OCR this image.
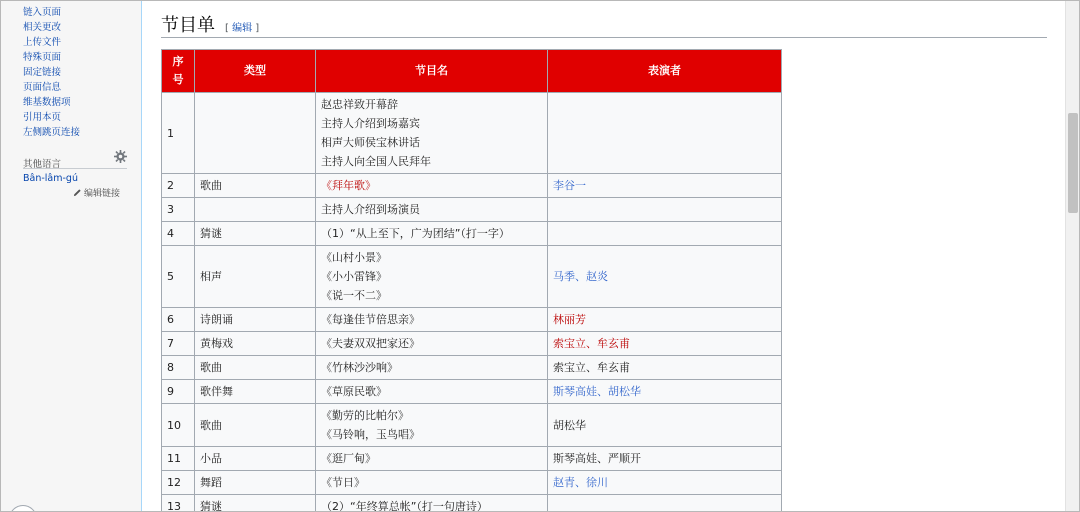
链入页面
相关更改
上传文件
特殊页面
固定链接
页面信息
维基数据项
引用本页
左侧跳页连接
其他语言
Bân-lâm-gú
编辑链接
节目单 [ 编辑 ]
序号	类型	节目名	表演者
1		赵忠祥致开幕辞
主持人介绍到场嘉宾
相声大师侯宝林讲话
主持人向全国人民拜年	

2	歌曲	《拜年歌》	李谷一
3		主持人介绍到场演员	

4	猜谜	（1）“从上至下，广为团结”（打一字）	

5	相声	《山村小景》
《小小雷锋》
《说一不二》	马季、赵炎
6	诗朗诵	《每逢佳节倍思亲》	林丽芳
7	黄梅戏	《夫妻双双把家还》	索宝立、牟玄甫
8	歌曲	《竹林沙沙响》	索宝立、牟玄甫
9	歌伴舞	《草原民歌》	斯琴高娃、胡松华
10	歌曲	《勤劳的比帕尔》
《马铃响，玉鸟唱》	胡松华
11	小品	《逛厂甸》	斯琴高娃、严顺开
12	舞蹈	《节日》	赵青、徐川
13	猜谜	（2）“年终算总帐”（打一句唐诗）	
